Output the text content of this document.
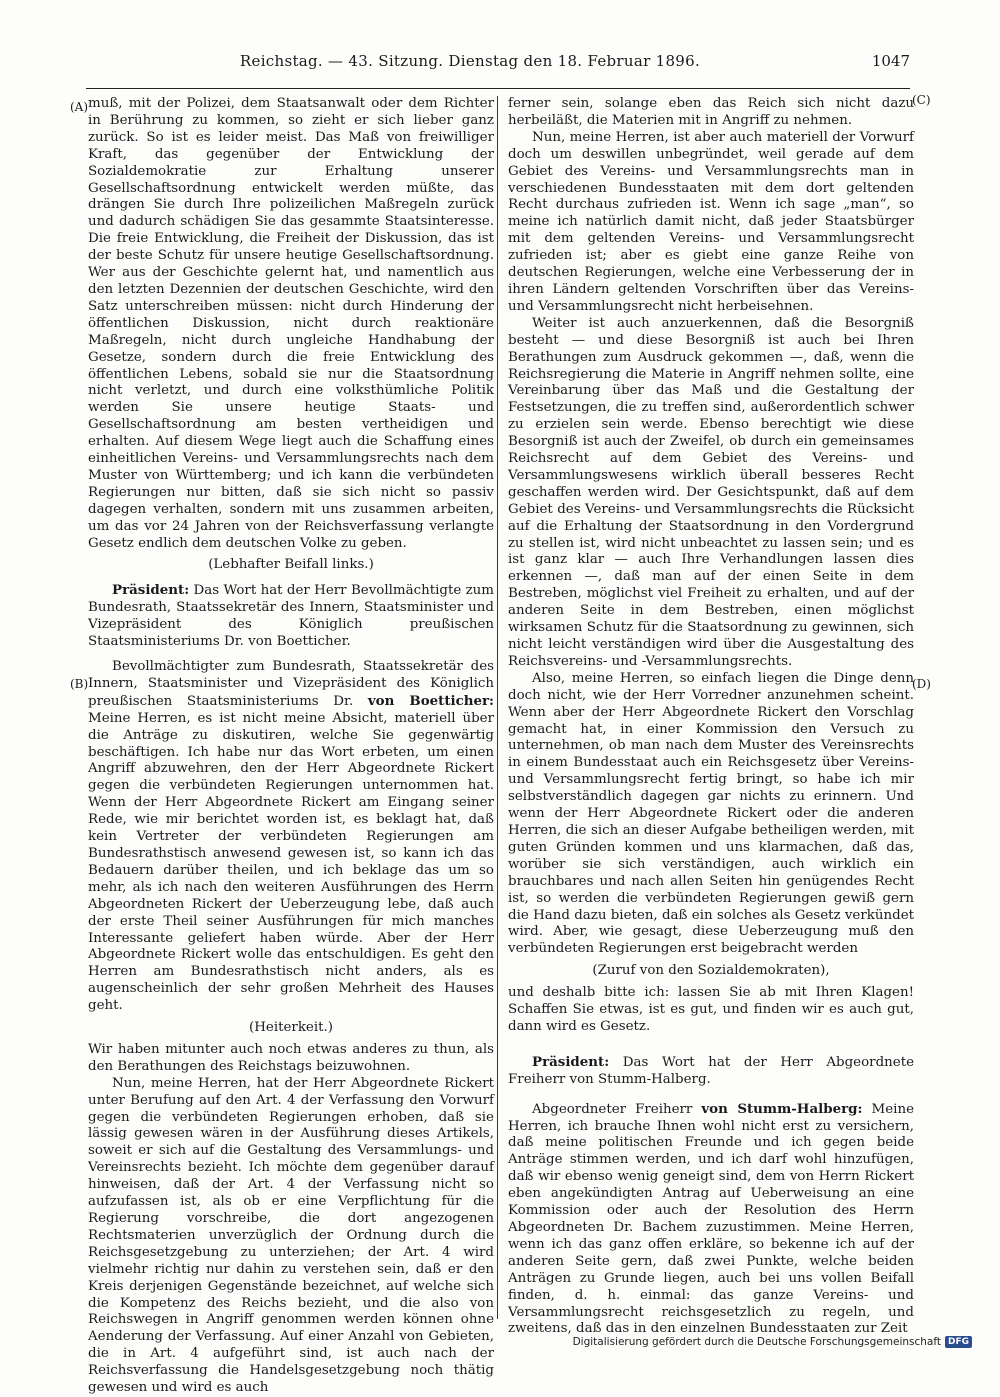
Reichstag. — 43. Sitzung. Dienstag den 18. Februar 1896.	1047
(A)
(B)
(C)
(D)

muß, mit der Polizei, dem Staatsanwalt oder dem Richter in Berührung zu kommen, so zieht er sich lieber ganz zurück. So ist es leider meist. Das Maß von freiwilliger Kraft, das gegenüber der Entwicklung der Sozialdemokratie zur Erhaltung unserer Gesellschaftsordnung entwickelt werden müßte, das drängen Sie durch Ihre polizeilichen Maßregeln zurück und dadurch schädigen Sie das gesammte Staatsinteresse. Die freie Entwicklung, die Freiheit der Diskussion, das ist der beste Schutz für unsere heutige Gesellschaftsordnung. Wer aus der Geschichte gelernt hat, und namentlich aus den letzten Dezennien der deutschen Geschichte, wird den Satz unterschreiben müssen: nicht durch Hinderung der öffentlichen Diskussion, nicht durch reaktionäre Maßregeln, nicht durch ungleiche Handhabung der Gesetze, sondern durch die freie Entwicklung des öffentlichen Lebens, sobald sie nur die Staatsordnung nicht verletzt, und durch eine volksthümliche Politik werden Sie unsere heutige Staats- und Gesellschaftsordnung am besten vertheidigen und erhalten. Auf diesem Wege liegt auch die Schaffung eines einheitlichen Vereins- und Versammlungsrechts nach dem Muster von Württemberg; und ich kann die verbündeten Regierungen nur bitten, daß sie sich nicht so passiv dagegen verhalten, sondern mit uns zusammen arbeiten, um das vor 24 Jahren von der Reichsverfassung verlangte Gesetz endlich dem deutschen Volke zu geben.

(Lebhafter Beifall links.)

Präsident: Das Wort hat der Herr Bevollmächtigte zum Bundesrath, Staatssekretär des Innern, Staatsminister und Vizepräsident des Königlich preußischen Staatsministeriums Dr. von Boetticher.

Bevollmächtigter zum Bundesrath, Staatssekretär des Innern, Staatsminister und Vizepräsident des Königlich preußischen Staatsministeriums Dr. von Boetticher: Meine Herren, es ist nicht meine Absicht, materiell über die Anträge zu diskutiren, welche Sie gegenwärtig beschäftigen. Ich habe nur das Wort erbeten, um einen Angriff abzuwehren, den der Herr Abgeordnete Rickert gegen die verbündeten Regierungen unternommen hat. Wenn der Herr Abgeordnete Rickert am Eingang seiner Rede, wie mir berichtet worden ist, es beklagt hat, daß kein Vertreter der verbündeten Regierungen am Bundesrathstisch anwesend gewesen ist, so kann ich das Bedauern darüber theilen, und ich beklage das um so mehr, als ich nach den weiteren Ausführungen des Herrn Abgeordneten Rickert der Ueberzeugung lebe, daß auch der erste Theil seiner Ausführungen für mich manches Interessante geliefert haben würde. Aber der Herr Abgeordnete Rickert wolle das entschuldigen. Es geht den Herren am Bundesrathstisch nicht anders, als es augenscheinlich der sehr großen Mehrheit des Hauses geht.

(Heiterkeit.)

Wir haben mitunter auch noch etwas anderes zu thun, als den Berathungen des Reichstags beizuwohnen.

Nun, meine Herren, hat der Herr Abgeordnete Rickert unter Berufung auf den Art. 4 der Verfassung den Vorwurf gegen die verbündeten Regierungen erhoben, daß sie lässig gewesen wären in der Ausführung dieses Artikels, soweit er sich auf die Gestaltung des Versammlungs- und Vereinsrechts bezieht. Ich möchte dem gegenüber darauf hinweisen, daß der Art. 4 der Verfassung nicht so aufzufassen ist, als ob er eine Verpflichtung für die Regierung vorschreibe, die dort angezogenen Rechtsmaterien unverzüglich der Ordnung durch die Reichsgesetzgebung zu unterziehen; der Art. 4 wird vielmehr richtig nur dahin zu verstehen sein, daß er den Kreis derjenigen Gegenstände bezeichnet, auf welche sich die Kompetenz des Reichs bezieht, und die also von Reichswegen in Angriff genommen werden können ohne Aenderung der Verfassung. Auf einer Anzahl von Gebieten, die in Art. 4 aufgeführt sind, ist auch nach der Reichsverfassung die Handelsgesetzgebung noch thätig gewesen und wird es auch

ferner sein, solange eben das Reich sich nicht dazu herbeiläßt, die Materien mit in Angriff zu nehmen.

Nun, meine Herren, ist aber auch materiell der Vorwurf doch um deswillen unbegründet, weil gerade auf dem Gebiet des Vereins- und Versammlungsrechts man in verschiedenen Bundesstaaten mit dem dort geltenden Recht durchaus zufrieden ist. Wenn ich sage „man“, so meine ich natürlich damit nicht, daß jeder Staatsbürger mit dem geltenden Vereins- und Versammlungsrecht zufrieden ist; aber es giebt eine ganze Reihe von deutschen Regierungen, welche eine Verbesserung der in ihren Ländern geltenden Vorschriften über das Vereins- und Versammlungsrecht nicht herbeisehnen.

Weiter ist auch anzuerkennen, daß die Besorgniß besteht — und diese Besorgniß ist auch bei Ihren Berathungen zum Ausdruck gekommen —, daß, wenn die Reichsregierung die Materie in Angriff nehmen sollte, eine Vereinbarung über das Maß und die Gestaltung der Festsetzungen, die zu treffen sind, außerordentlich schwer zu erzielen sein werde. Ebenso berechtigt wie diese Besorgniß ist auch der Zweifel, ob durch ein gemeinsames Reichsrecht auf dem Gebiet des Vereins- und Versammlungswesens wirklich überall besseres Recht geschaffen werden wird. Der Gesichtspunkt, daß auf dem Gebiet des Vereins- und Versammlungsrechts die Rücksicht auf die Erhaltung der Staatsordnung in den Vordergrund zu stellen ist, wird nicht unbeachtet zu lassen sein; und es ist ganz klar — auch Ihre Verhandlungen lassen dies erkennen —, daß man auf der einen Seite in dem Bestreben, möglichst viel Freiheit zu erhalten, und auf der anderen Seite in dem Bestreben, einen möglichst wirksamen Schutz für die Staatsordnung zu gewinnen, sich nicht leicht verständigen wird über die Ausgestaltung des Reichsvereins- und -Versammlungsrechts.

Also, meine Herren, so einfach liegen die Dinge denn doch nicht, wie der Herr Vorredner anzunehmen scheint. Wenn aber der Herr Abgeordnete Rickert den Vorschlag gemacht hat, in einer Kommission den Versuch zu unternehmen, ob man nach dem Muster des Vereinsrechts in einem Bundesstaat auch ein Reichsgesetz über Vereins- und Versammlungsrecht fertig bringt, so habe ich mir selbstverständlich dagegen gar nichts zu erinnern. Und wenn der Herr Abgeordnete Rickert oder die anderen Herren, die sich an dieser Aufgabe betheiligen werden, mit guten Gründen kommen und uns klarmachen, daß das, worüber sie sich verständigen, auch wirklich ein brauchbares und nach allen Seiten hin genügendes Recht ist, so werden die verbündeten Regierungen gewiß gern die Hand dazu bieten, daß ein solches als Gesetz verkündet wird. Aber, wie gesagt, diese Ueberzeugung muß den verbündeten Regierungen erst beigebracht werden

(Zuruf von den Sozialdemokraten),

und deshalb bitte ich: lassen Sie ab mit Ihren Klagen! Schaffen Sie etwas, ist es gut, und finden wir es auch gut, dann wird es Gesetz.

Präsident: Das Wort hat der Herr Abgeordnete Freiherr von Stumm-Halberg.

Abgeordneter Freiherr von Stumm-Halberg: Meine Herren, ich brauche Ihnen wohl nicht erst zu versichern, daß meine politischen Freunde und ich gegen beide Anträge stimmen werden, und ich darf wohl hinzufügen, daß wir ebenso wenig geneigt sind, dem von Herrn Rickert eben angekündigten Antrag auf Ueberweisung an eine Kommission oder auch der Resolution des Herrn Abgeordneten Dr. Bachem zuzustimmen. Meine Herren, wenn ich das ganz offen erkläre, so bekenne ich auf der anderen Seite gern, daß zwei Punkte, welche beiden Anträgen zu Grunde liegen, auch bei uns vollen Beifall finden, d. h. einmal: das ganze Vereins- und Versammlungsrecht reichsgesetzlich zu regeln, und zweitens, daß das in den einzelnen Bundesstaaten zur Zeit

Digitalisierung gefördert durch die Deutsche Forschungsgemeinschaft DFG
